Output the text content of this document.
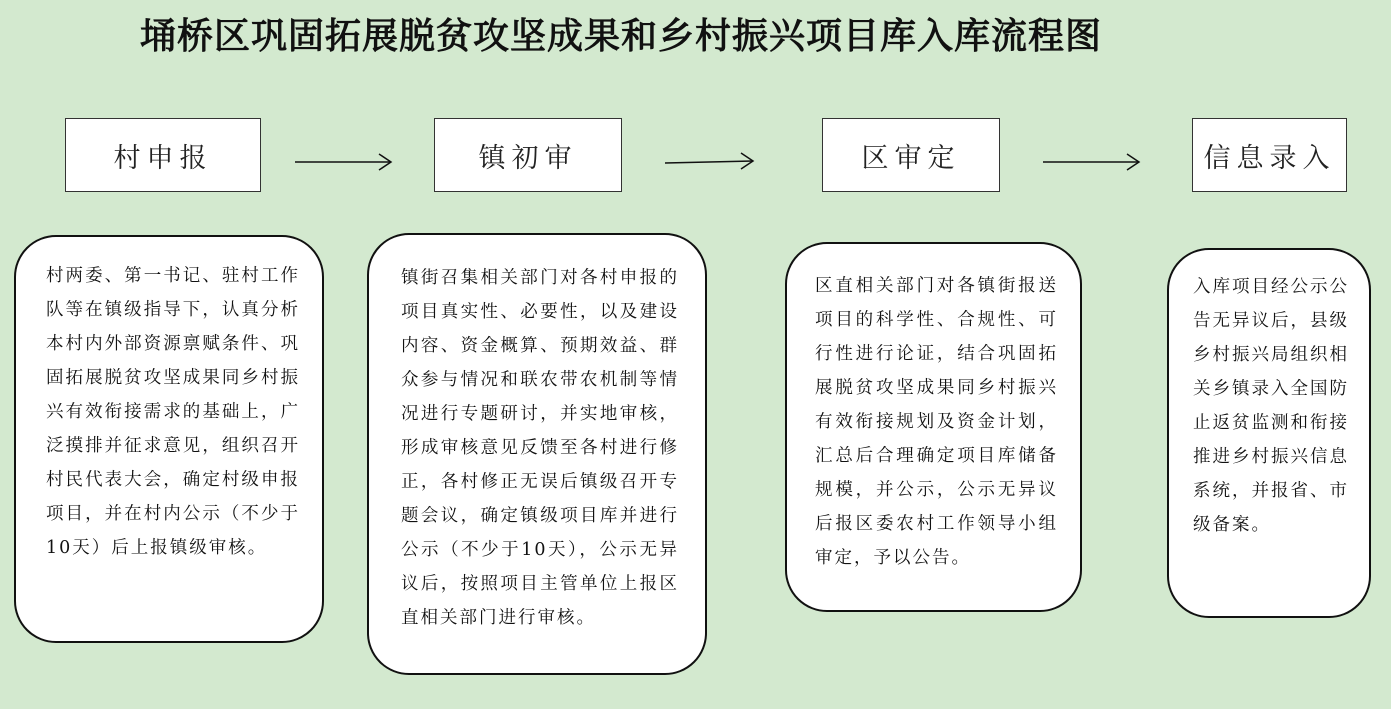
埇桥区巩固拓展脱贫攻坚成果和乡村振兴项目库入库流程图
村申报	镇初审	区审定	信息录入
村两委、第一书记、驻村工作队等在镇级指导下，认真分析本村内外部资源禀赋条件、巩固拓展脱贫攻坚成果同乡村振兴有效衔接需求的基础上，广泛摸排并征求意见，组织召开村民代表大会，确定村级申报项目，并在村内公示（不少于10天）后上报镇级审核。
镇街召集相关部门对各村申报的项目真实性、必要性，以及建设内容、资金概算、预期效益、群众参与情况和联农带农机制等情况进行专题研讨，并实地审核，形成审核意见反馈至各村进行修正，各村修正无误后镇级召开专题会议，确定镇级项目库并进行公示（不少于10天），公示无异议后，按照项目主管单位上报区直相关部门进行审核。
区直相关部门对各镇街报送项目的科学性、合规性、可行性进行论证，结合巩固拓展脱贫攻坚成果同乡村振兴有效衔接规划及资金计划，汇总后合理确定项目库储备规模，并公示，公示无异议后报区委农村工作领导小组审定，予以公告。
入库项目经公示公告无异议后，县级乡村振兴局组织相关乡镇录入全国防止返贫监测和衔接推进乡村振兴信息系统，并报省、市级备案。
